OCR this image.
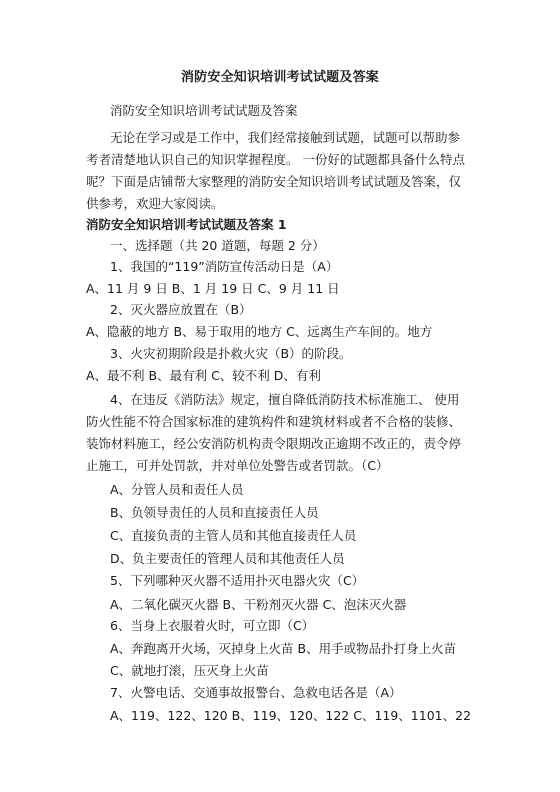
消防安全知识培训考试试题及答案
消防安全知识培训考试试题及答案
无论在学习或是工作中，我们经常接触到试题，试题可以帮助参
考者清楚地认识自己的知识掌握程度。 一份好的试题都具备什么特点
呢？下面是店铺帮大家整理的消防安全知识培训考试试题及答案，仅
供参考，欢迎大家阅读。
消防安全知识培训考试试题及答案 1
一、选择题（共 20 道题，每题 2 分）
1、我国的“119”消防宣传活动日是（A）
A、11 月 9 日 B、1 月 19 日 C、9 月 11 日
2、灭火器应放置在（B）
A、隐蔽的地方 B、易于取用的地方 C、远离生产车间的。地方
3、火灾初期阶段是扑救火灾（B）的阶段。
A、最不利 B、最有利 C、较不利 D、有利
4、在违反《消防法》规定，擅自降低消防技术标准施工、 使用
防火性能不符合国家标准的建筑构件和建筑材料或者不合格的装修、
装饰材料施工，经公安消防机构责令限期改正逾期不改正的，责令停
止施工，可并处罚款，并对单位处警告或者罚款。（C）
A、分管人员和责任人员
B、负领导责任的人员和直接责任人员
C、直接负责的主管人员和其他直接责任人员
D、负主要责任的管理人员和其他责任人员
5、下列哪种灭火器不适用扑灭电器火灾（C）
A、二氧化碳灭火器 B、干粉剂灭火器 C、泡沫灭火器
6、当身上衣服着火时，可立即（C）
A、奔跑离开火场，灭掉身上火苗 B、用手或物品扑打身上火苗
C、就地打滚，压灭身上火苗
7、火警电话、交通事故报警台、急救电话各是（A）
A、119、122、120 B、119、120、122 C、119、1101、22
